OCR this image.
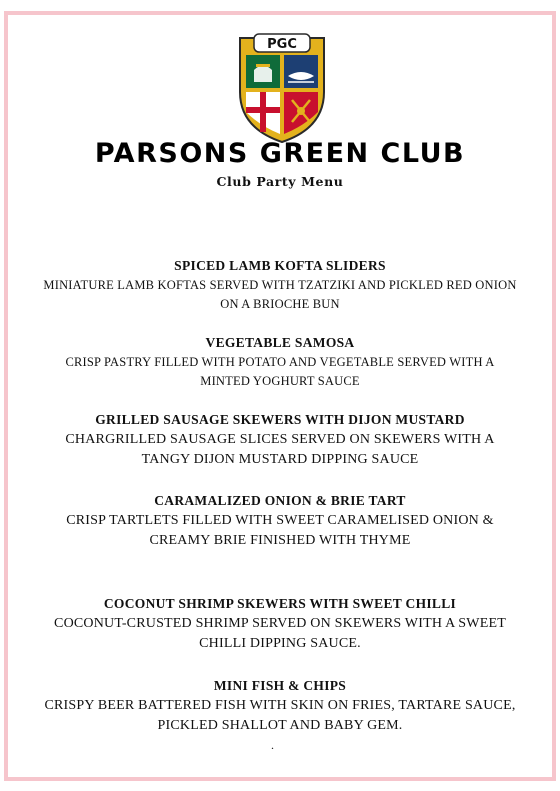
PGC
PARSONS GREEN CLUB
Club Party Menu
SPICED LAMB KOFTA SLIDERS
MINIATURE LAMB KOFTAS SERVED WITH TZATZIKI AND PICKLED RED ONION ON A BRIOCHE BUN
VEGETABLE SAMOSA
CRISP PASTRY FILLED WITH POTATO AND VEGETABLE SERVED WITH A MINTED YOGHURT SAUCE
GRILLED SAUSAGE SKEWERS WITH DIJON MUSTARD
CHARGRILLED SAUSAGE SLICES SERVED ON SKEWERS WITH A TANGY DIJON MUSTARD DIPPING SAUCE
CARAMALIZED ONION & BRIE TART
CRISP TARTLETS FILLED WITH SWEET CARAMELISED ONION & CREAMY BRIE FINISHED WITH THYME
COCONUT SHRIMP SKEWERS WITH SWEET CHILLI
COCONUT-CRUSTED SHRIMP SERVED ON SKEWERS WITH A SWEET CHILLI DIPPING SAUCE.
MINI FISH & CHIPS
CRISPY BEER BATTERED FISH WITH SKIN ON FRIES, TARTARE SAUCE, PICKLED SHALLOT AND BABY GEM.
.
